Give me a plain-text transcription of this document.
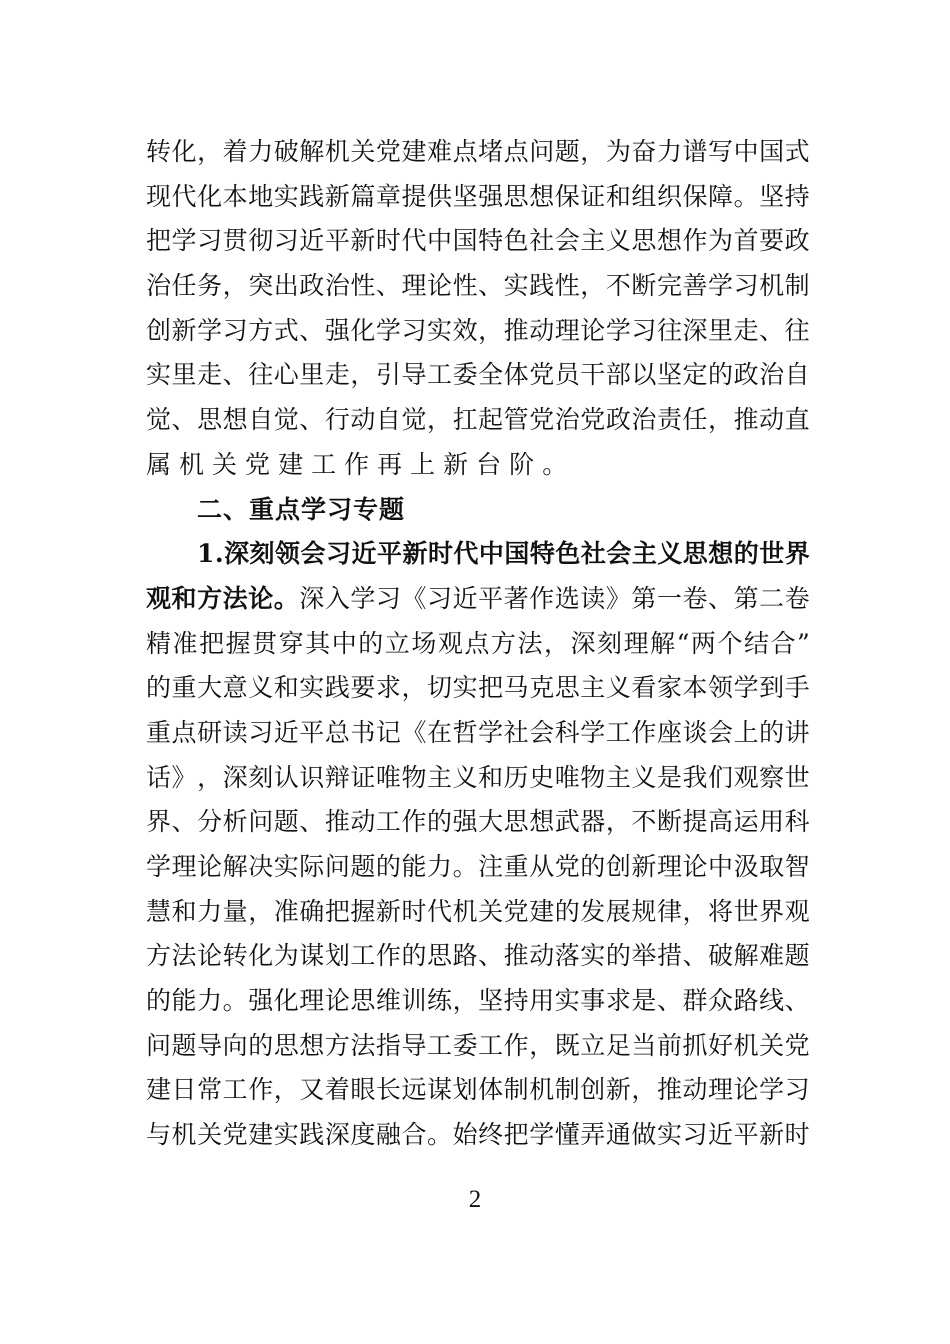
转 化 ， 着 力 破 解 机 关 党 建 难 点 堵 点 问 题 ， 为 奋 力 谱 写 中 国 式
现 代 化 本 地 实 践 新 篇 章 提 供 坚 强 思 想 保 证 和 组 织 保 障 。 坚 持
把 学 习 贯 彻 习 近 平 新 时 代 中 国 特 色 社 会 主 义 思 想 作 为 首 要 政
治 任 务 ， 突 出 政 治 性 、 理 论 性 、 实 践 性 ， 不 断 完 善 学 习 机 制
创 新 学 习 方 式 、 强 化 学 习 实 效 ， 推 动 理 论 学 习 往 深 里 走 、 往
实 里 走 、 往 心 里 走 ， 引 导 工 委 全 体 党 员 干 部 以 坚 定 的 政 治 自
觉 、 思 想 自 觉 、 行 动 自 觉 ， 扛 起 管 党 治 党 政 治 责 任 ， 推 动 直
属 机 关 党 建 工 作 再 上 新 台 阶 。
二、重点学习专题
1 . 深 刻 领 会 习 近 平 新 时 代 中 国 特 色 社 会 主 义 思 想 的 世 界
观 和 方 法 论 。 深 入 学 习 《 习 近 平 著 作 选 读 》 第 一 卷 、 第 二 卷
精 准 把 握 贯 穿 其 中 的 立 场 观 点 方 法 ， 深 刻 理 解 “ 两 个 结 合 ”
的 重 大 意 义 和 实 践 要 求 ， 切 实 把 马 克 思 主 义 看 家 本 领 学 到 手
重 点 研 读 习 近 平 总 书 记 《 在 哲 学 社 会 科 学 工 作 座 谈 会 上 的 讲
话 》 ， 深 刻 认 识 辩 证 唯 物 主 义 和 历 史 唯 物 主 义 是 我 们 观 察 世
界 、 分 析 问 题 、 推 动 工 作 的 强 大 思 想 武 器 ， 不 断 提 高 运 用 科
学 理 论 解 决 实 际 问 题 的 能 力 。 注 重 从 党 的 创 新 理 论 中 汲 取 智
慧 和 力 量 ， 准 确 把 握 新 时 代 机 关 党 建 的 发 展 规 律 ， 将 世 界 观
方 法 论 转 化 为 谋 划 工 作 的 思 路 、 推 动 落 实 的 举 措 、 破 解 难 题
的 能 力 。 强 化 理 论 思 维 训 练 ， 坚 持 用 实 事 求 是 、 群 众 路 线 、
问 题 导 向 的 思 想 方 法 指 导 工 委 工 作 ， 既 立 足 当 前 抓 好 机 关 党
建 日 常 工 作 ， 又 着 眼 长 远 谋 划 体 制 机 制 创 新 ， 推 动 理 论 学 习
与 机 关 党 建 实 践 深 度 融 合 。 始 终 把 学 懂 弄 通 做 实 习 近 平 新 时
2
